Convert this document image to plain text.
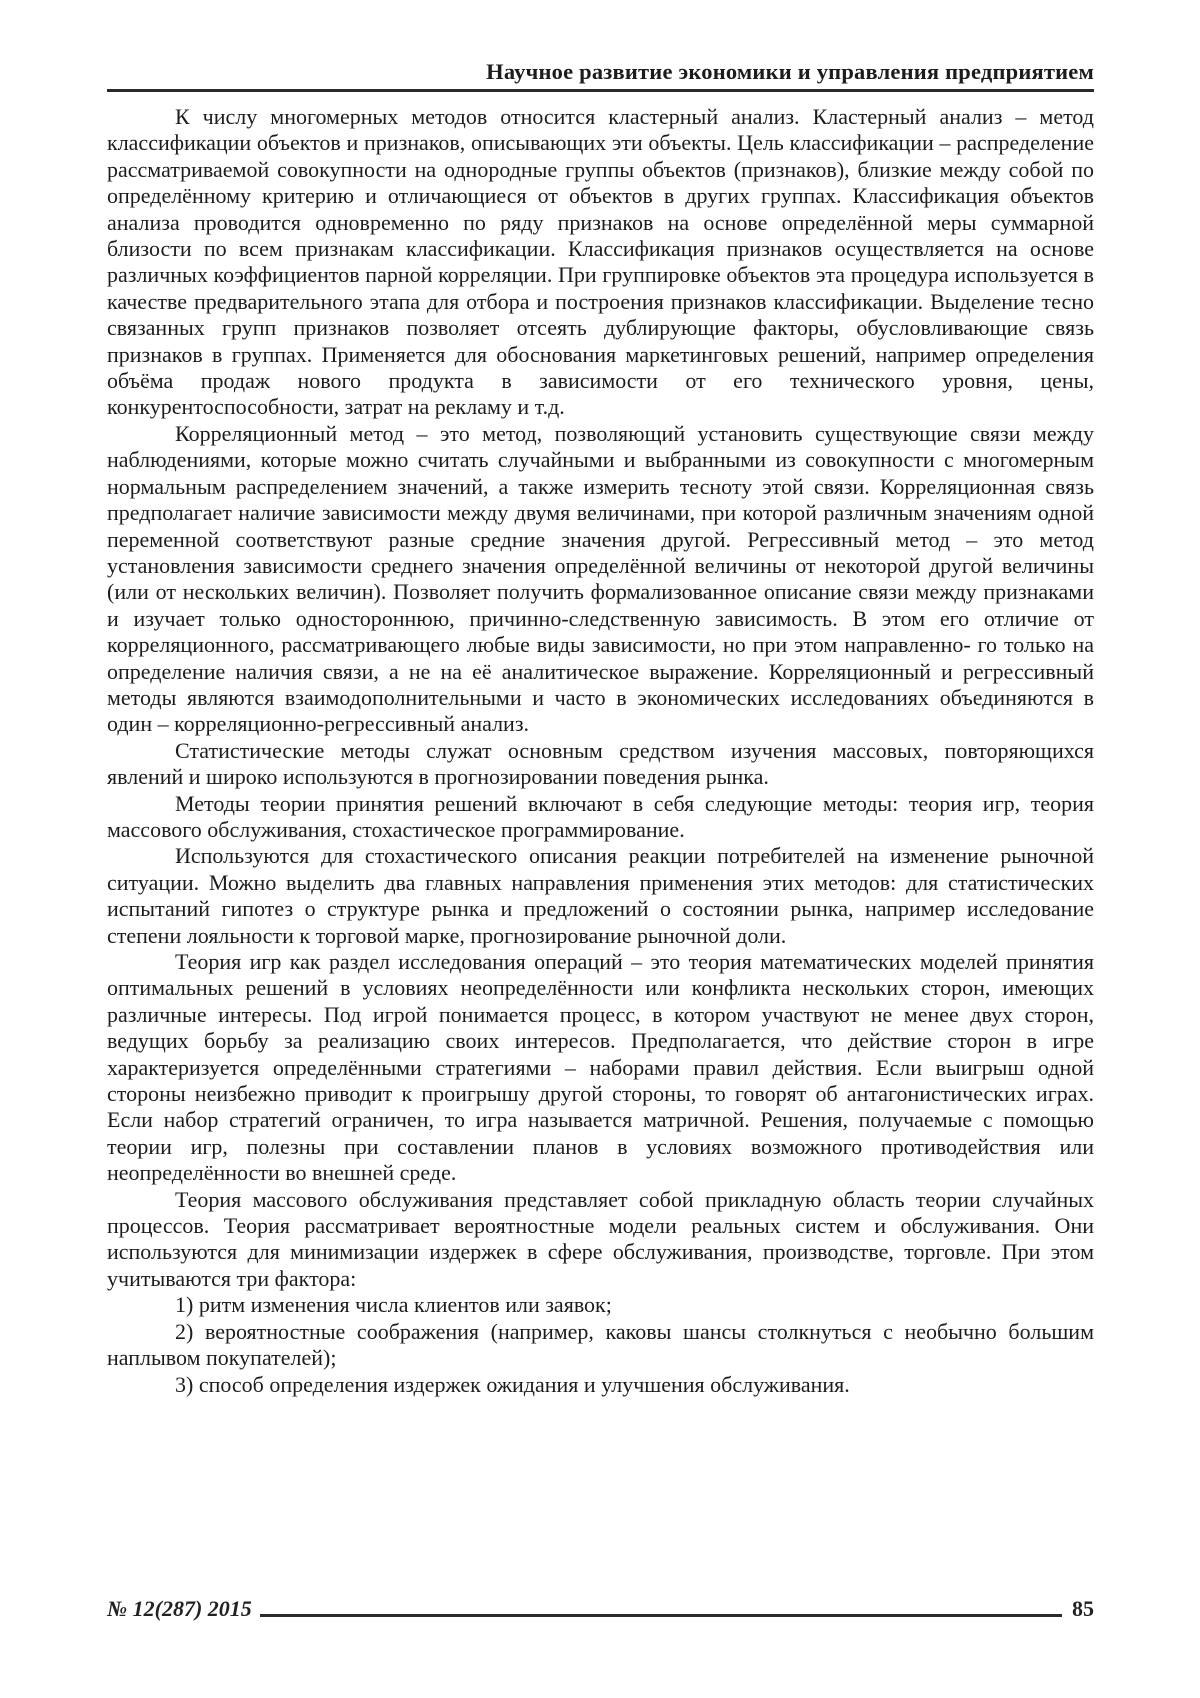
Научное развитие экономики и управления предприятием

К числу многомерных методов относится кластерный анализ. Кластерный анализ – метод классификации объектов и признаков, описывающих эти объекты. Цель классификации – распределение рассматриваемой совокупности на однородные группы объектов (признаков), близкие между собой по определённому критерию и отличающиеся от объектов в других группах. Классификация объектов анализа проводится одновременно по ряду признаков на основе определённой меры суммарной близости по всем признакам классификации. Классификация признаков осуществляется на основе различных коэффициентов парной корреляции. При группировке объектов эта процедура используется в качестве предварительного этапа для отбора и построения признаков классификации. Выделение тесно связанных групп признаков позволяет отсеять дублирующие факторы, обусловливающие связь признаков в группах. Применяется для обоснования маркетинговых решений, например определения объёма продаж нового продукта в зависимости от его технического уровня, цены, конкурентоспособности, затрат на рекламу и т.д.

Корреляционный метод – это метод, позволяющий установить существующие связи между наблюдениями, которые можно считать случайными и выбранными из совокупности с многомерным нормальным распределением значений, а также измерить тесноту этой связи. Корреляционная связь предполагает наличие зависимости между двумя величинами, при которой различным значениям одной переменной соответствуют разные средние значения другой. Регрессивный метод – это метод установления зависимости среднего значения определённой величины от некоторой другой величины (или от нескольких величин). Позволяет получить формализованное описание связи между признаками и изучает только одностороннюю, причинно-следственную зависимость. В этом его отличие от корреляционного, рассматривающего любые виды зависимости, но при этом направленно- го только на определение наличия связи, а не на её аналитическое выражение. Корреляционный и регрессивный методы являются взаимодополнительными и часто в экономических исследованиях объединяются в один – корреляционно-регрессивный анализ.

Статистические методы служат основным средством изучения массовых, повторяющихся явлений и широко используются в прогнозировании поведения рынка.

Методы теории принятия решений включают в себя следующие методы: теория игр, теория массового обслуживания, стохастическое программирование.

Используются для стохастического описания реакции потребителей на изменение рыночной ситуации. Можно выделить два главных направления применения этих методов: для статистических испытаний гипотез о структуре рынка и предложений о состоянии рынка, например исследование степени лояльности к торговой марке, прогнозирование рыночной доли.

Теория игр как раздел исследования операций – это теория математических моделей принятия оптимальных решений в условиях неопределённости или конфликта нескольких сторон, имеющих различные интересы. Под игрой понимается процесс, в котором участвуют не менее двух сторон, ведущих борьбу за реализацию своих интересов. Предполагается, что действие сторон в игре характеризуется определёнными стратегиями – наборами правил действия. Если выигрыш одной стороны неизбежно приводит к проигрышу другой стороны, то говорят об антагонистических играх. Если набор стратегий ограничен, то игра называется матричной. Решения, получаемые с помощью теории игр, полезны при составлении планов в условиях возможного противодействия или неопределённости во внешней среде.

Теория массового обслуживания представляет собой прикладную область теории случайных процессов. Теория рассматривает вероятностные модели реальных систем и обслуживания. Они используются для минимизации издержек в сфере обслуживания, производстве, торговле. При этом учитываются три фактора:

1) ритм изменения числа клиентов или заявок;

2) вероятностные соображения (например, каковы шансы столкнуться с необычно большим наплывом покупателей);

3) способ определения издержек ожидания и улучшения обслуживания.

№ 12(287) 2015	85
